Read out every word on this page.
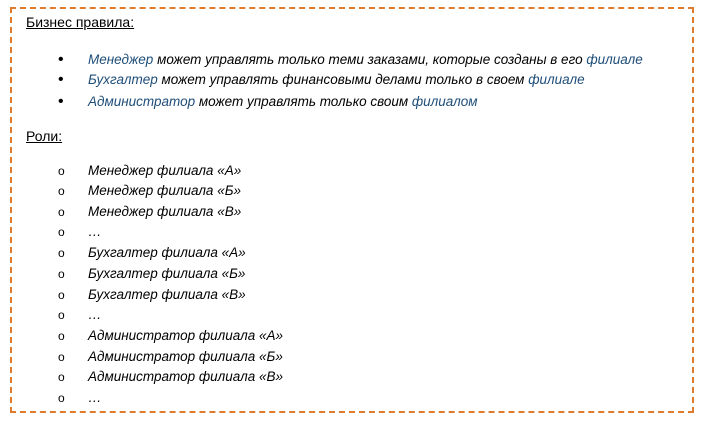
Бизнес правила:
• Менеджер может управлять только теми заказами, которые созданы в его филиале
• Бухгалтер может управлять финансовыми делами только в своем филиале
• Администратор может управлять только своим филиалом
Роли:
o Менеджер филиала «А»
o Менеджер филиала «Б»
o Менеджер филиала «В»
o …
o Бухгалтер филиала «А»
o Бухгалтер филиала «Б»
o Бухгалтер филиала «В»
o …
o Администратор филиала «А»
o Администратор филиала «Б»
o Администратор филиала «В»
o …
